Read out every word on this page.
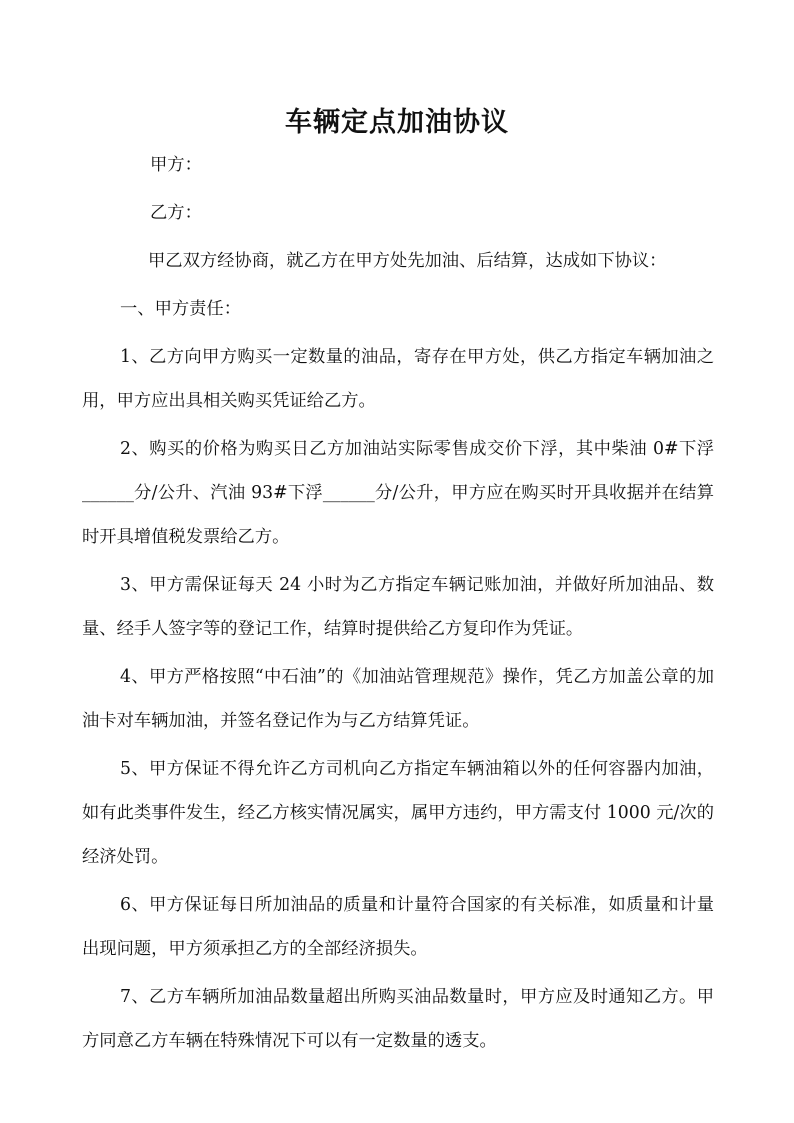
车辆定点加油协议

甲方：

乙方：

甲乙双方经协商，就乙方在甲方处先加油、后结算，达成如下协议：

一、甲方责任：

1、乙方向甲方购买一定数量的油品，寄存在甲方处，供乙方指定车辆加油之用，甲方应出具相关购买凭证给乙方。

2、购买的价格为购买日乙方加油站实际零售成交价下浮，其中柴油 0#下浮______分/公升、汽油 93#下浮______分/公升，甲方应在购买时开具收据并在结算时开具增值税发票给乙方。

3、甲方需保证每天 24 小时为乙方指定车辆记账加油，并做好所加油品、数量、经手人签字等的登记工作，结算时提供给乙方复印作为凭证。

4、甲方严格按照“中石油”的《加油站管理规范》操作，凭乙方加盖公章的加油卡对车辆加油，并签名登记作为与乙方结算凭证。

5、甲方保证不得允许乙方司机向乙方指定车辆油箱以外的任何容器内加油，如有此类事件发生，经乙方核实情况属实，属甲方违约，甲方需支付 1000 元/次的经济处罚。

6、甲方保证每日所加油品的质量和计量符合国家的有关标准，如质量和计量出现问题，甲方须承担乙方的全部经济损失。

7、乙方车辆所加油品数量超出所购买油品数量时，甲方应及时通知乙方。甲方同意乙方车辆在特殊情况下可以有一定数量的透支。
